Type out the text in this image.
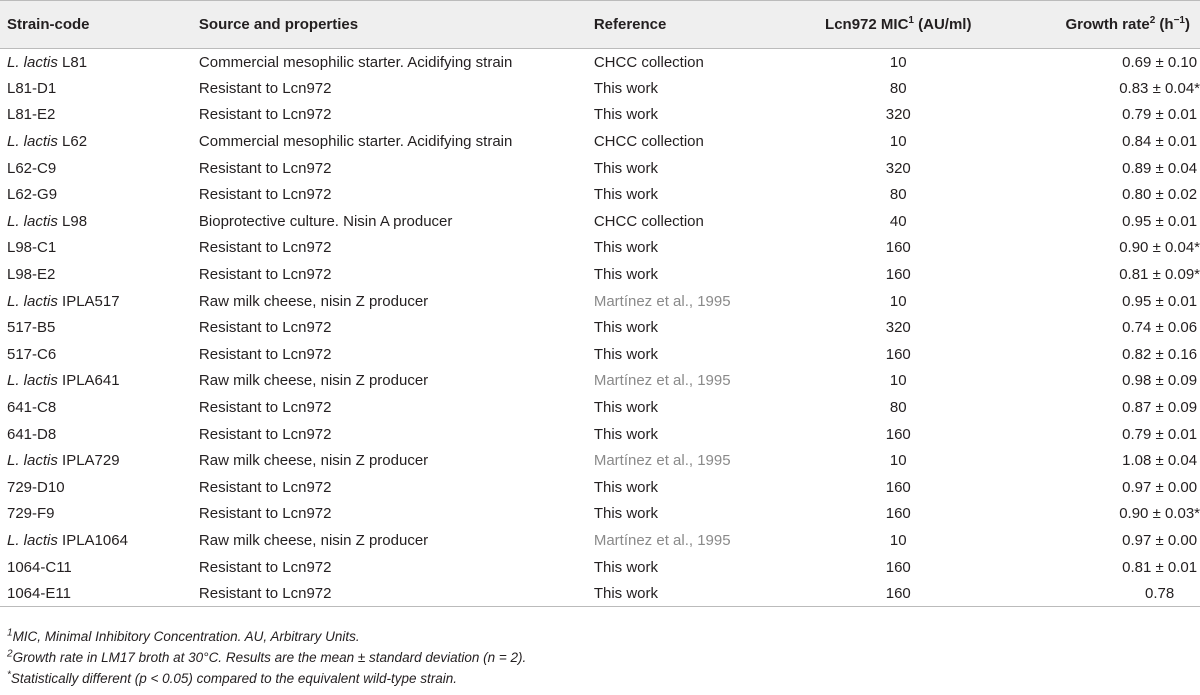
Strain-code	Source and properties	Reference	Lcn972 MIC$^1$ (AU/ml)	Growth rate$^2$ $(h^{-1})$
L. lactis L81	Commercial mesophilic starter. Acidifying strain	CHCC collection	10	0.69 ± 0.10
L81-D1	Resistant to Lcn972	This work	80	0.83 ± 0.04*
L81-E2	Resistant to Lcn972	This work	320	0.79 ± 0.01
L. lactis L62	Commercial mesophilic starter. Acidifying strain	CHCC collection	10	0.84 ± 0.01
L62-C9	Resistant to Lcn972	This work	320	0.89 ± 0.04
L62-G9	Resistant to Lcn972	This work	80	0.80 ± 0.02
L. lactis L98	Bioprotective culture. Nisin A producer	CHCC collection	40	0.95 ± 0.01
L98-C1	Resistant to Lcn972	This work	160	0.90 ± 0.04*
L98-E2	Resistant to Lcn972	This work	160	0.81 ± 0.09*
L. lactis IPLA517	Raw milk cheese, nisin Z producer	Martínez et al., 1995	10	0.95 ± 0.01
517-B5	Resistant to Lcn972	This work	320	0.74 ± 0.06
517-C6	Resistant to Lcn972	This work	160	0.82 ± 0.16
L. lactis IPLA641	Raw milk cheese, nisin Z producer	Martínez et al., 1995	10	0.98 ± 0.09
641-C8	Resistant to Lcn972	This work	80	0.87 ± 0.09
641-D8	Resistant to Lcn972	This work	160	0.79 ± 0.01
L. lactis IPLA729	Raw milk cheese, nisin Z producer	Martínez et al., 1995	10	1.08 ± 0.04
729-D10	Resistant to Lcn972	This work	160	0.97 ± 0.00
729-F9	Resistant to Lcn972	This work	160	0.90 ± 0.03*
L. lactis IPLA1064	Raw milk cheese, nisin Z producer	Martínez et al., 1995	10	0.97 ± 0.00
1064-C11	Resistant to Lcn972	This work	160	0.81 ± 0.01
1064-E11	Resistant to Lcn972	This work	160	0.78
$^1$MIC, Minimal Inhibitory Concentration. AU, Arbitrary Units.
$^2$Growth rate in LM17 broth at 30°C. Results are the mean ± standard deviation (n = 2).
*Statistically different (p < 0.05) compared to the equivalent wild-type strain.
